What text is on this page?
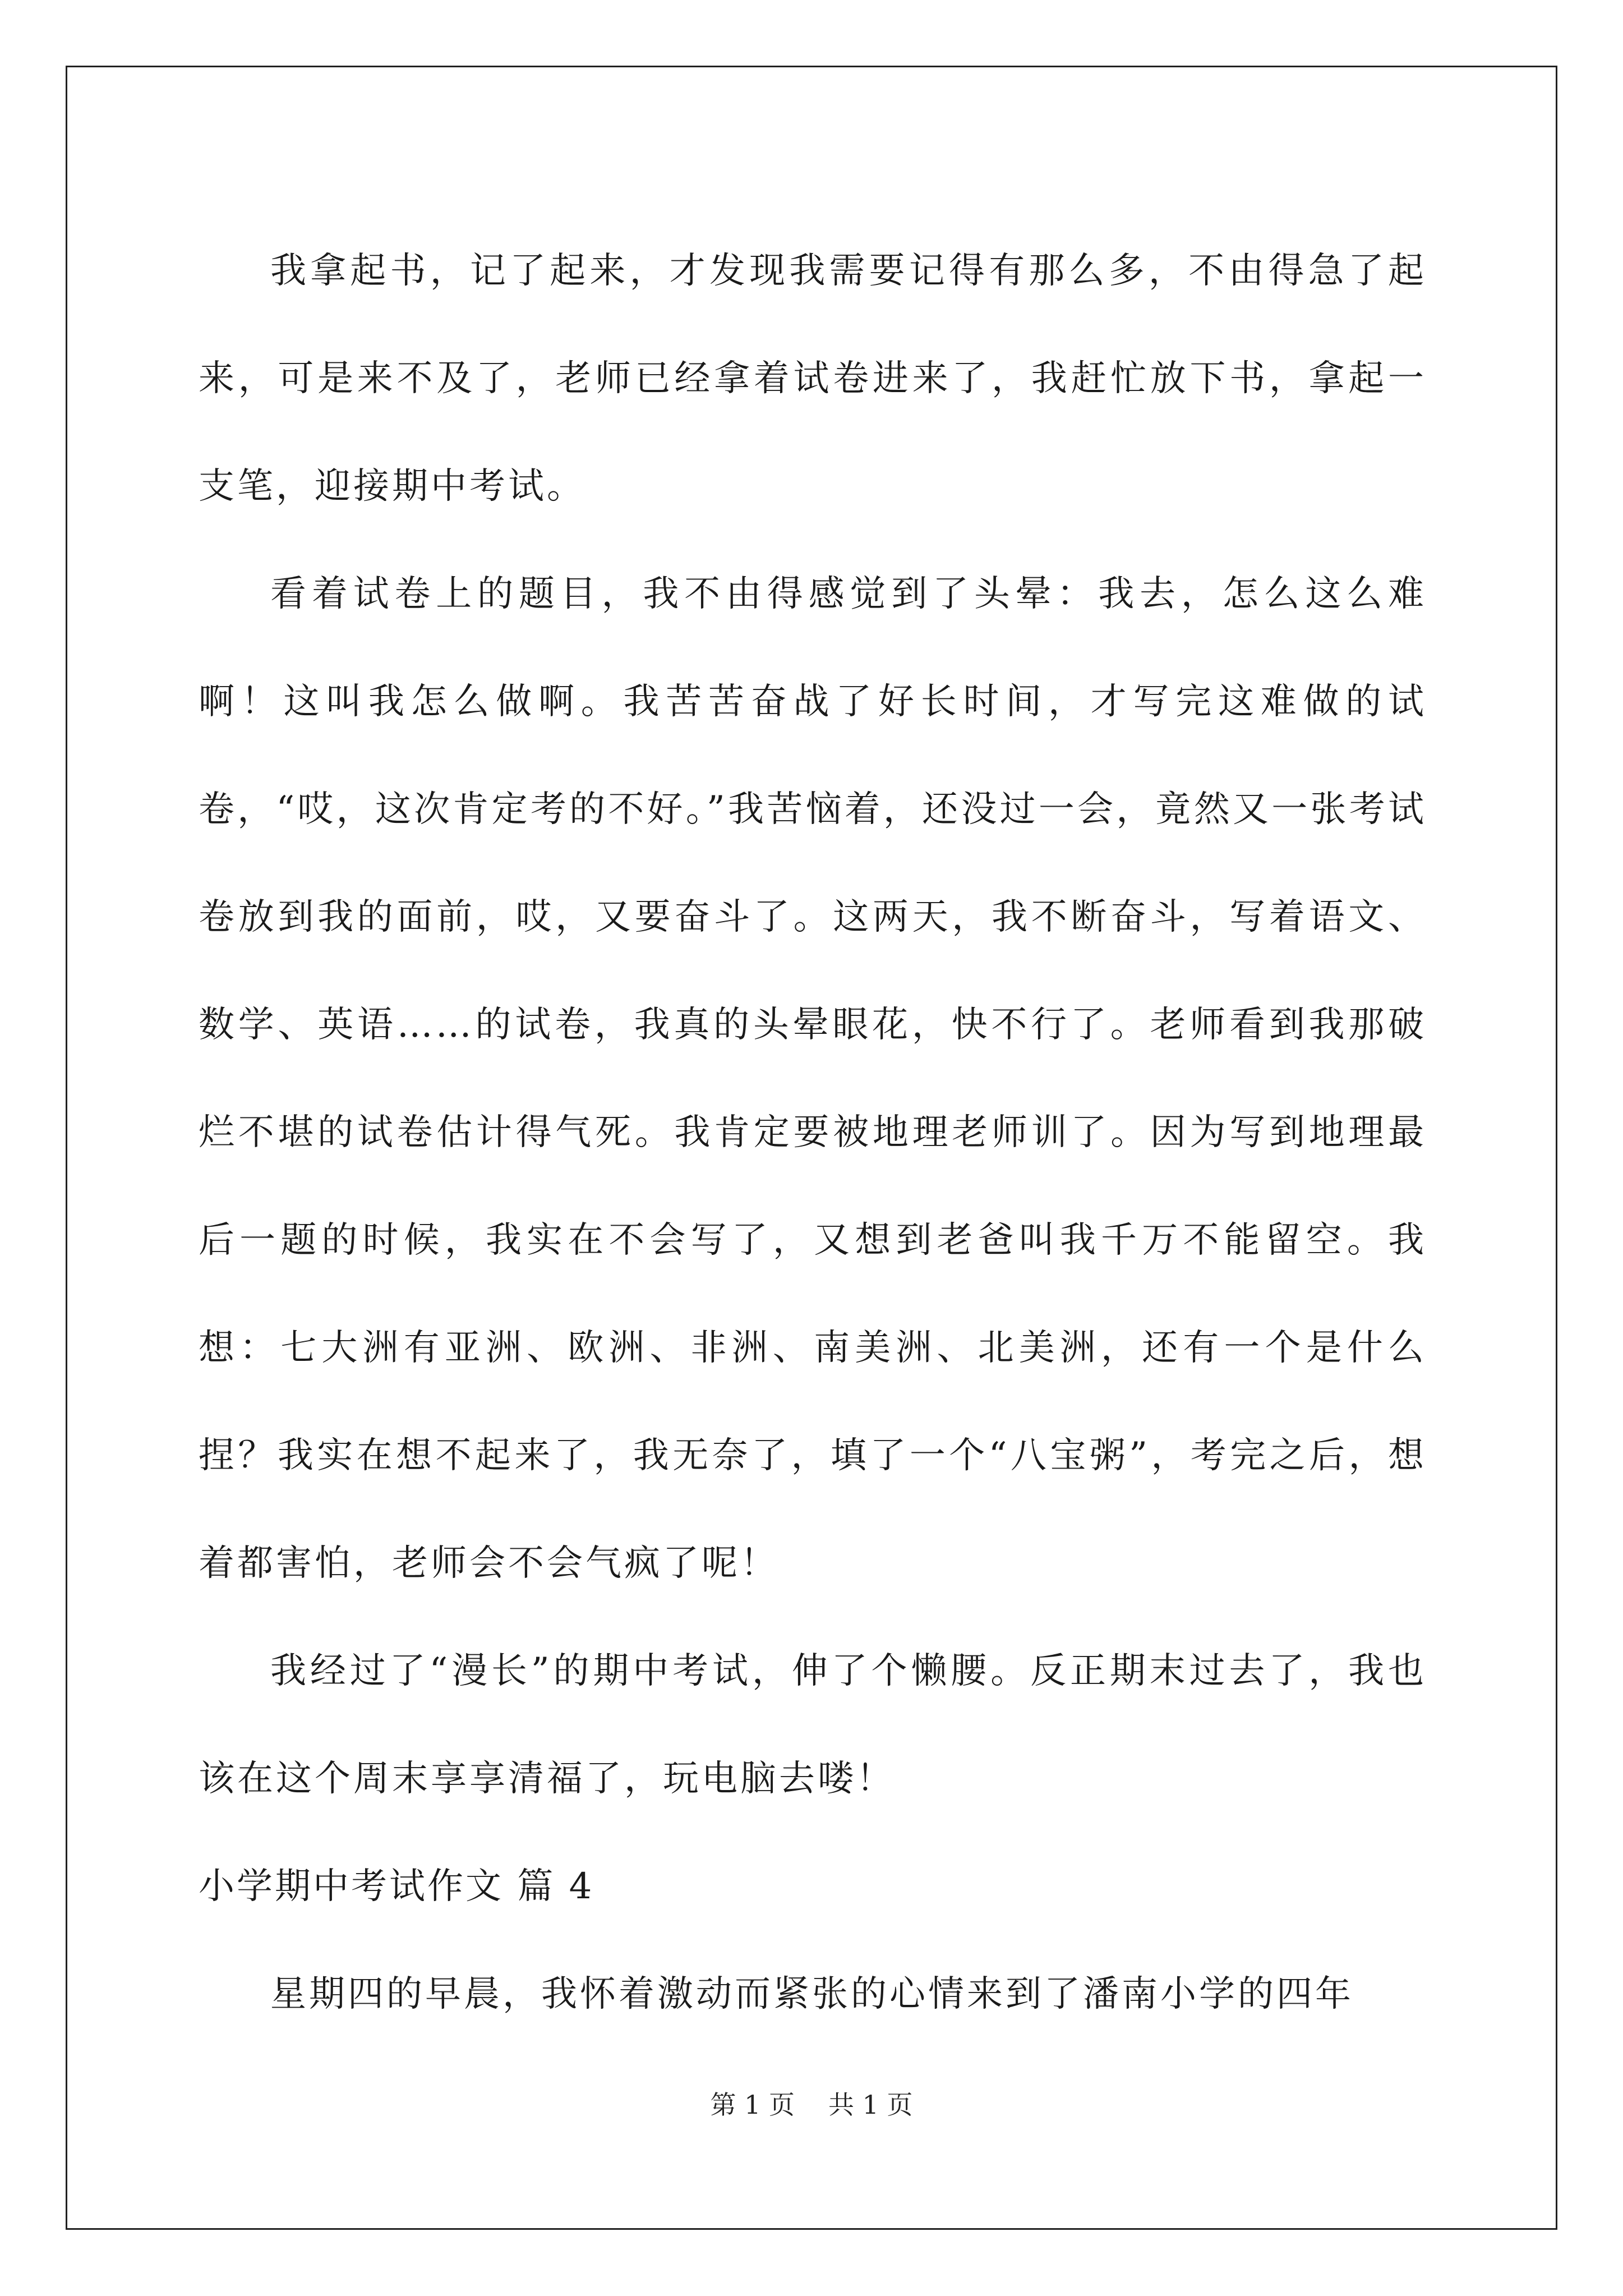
我拿起书，记了起来，才发现我需要记得有那么多，不由得急了起来，可是来不及了，老师已经拿着试卷进来了，我赶忙放下书，拿起一支笔，迎接期中考试。

看着试卷上的题目，我不由得感觉到了头晕：我去，怎么这么难啊！这叫我怎么做啊。我苦苦奋战了好长时间，才写完这难做的试卷，“哎，这次肯定考的不好。”我苦恼着，还没过一会，竟然又一张考试卷放到我的面前，哎，又要奋斗了。这两天，我不断奋斗，写着语文、数学、英语……的试卷，我真的头晕眼花，快不行了。老师看到我那破烂不堪的试卷估计得气死。我肯定要被地理老师训了。因为写到地理最后一题的时候，我实在不会写了，又想到老爸叫我千万不能留空。我想：七大洲有亚洲、欧洲、非洲、南美洲、北美洲，还有一个是什么捏？我实在想不起来了，我无奈了，填了一个“八宝粥”，考完之后，想着都害怕，老师会不会气疯了呢！

我经过了“漫长”的期中考试，伸了个懒腰。反正期末过去了，我也该在这个周末享享清福了，玩电脑去喽！

小学期中考试作文 篇 4

星期四的早晨，我怀着激动而紧张的心情来到了潘南小学的四年

第 1 页 共 1 页
